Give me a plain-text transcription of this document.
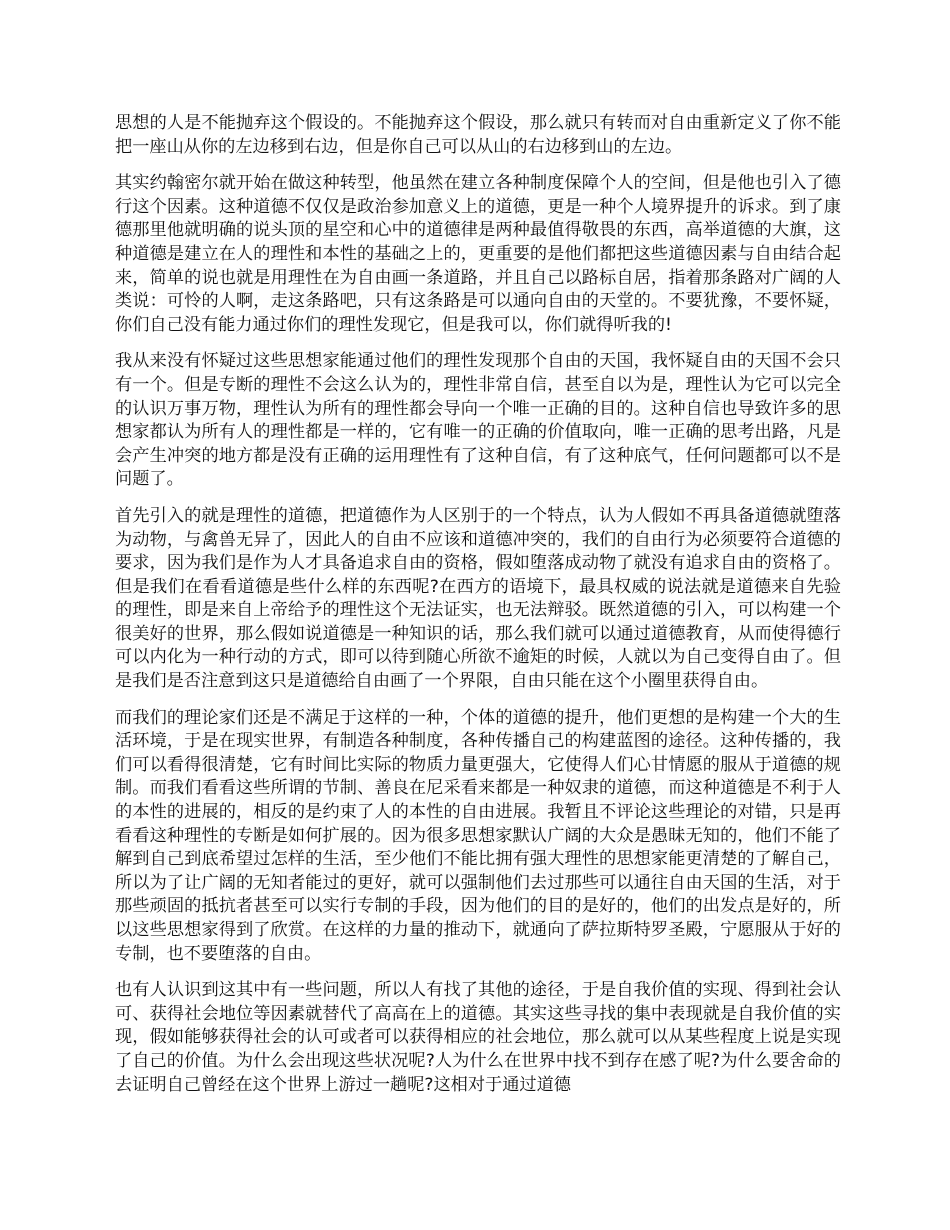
思想的人是不能抛弃这个假设的。不能抛弃这个假设，那么就只有转而对自由重新定义了你不能把一座山从你的左边移到右边，但是你自己可以从山的右边移到山的左边。

其实约翰密尔就开始在做这种转型，他虽然在建立各种制度保障个人的空间，但是他也引入了德行这个因素。这种道德不仅仅是政治参加意义上的道德，更是一种个人境界提升的诉求。到了康德那里他就明确的说头顶的星空和心中的道德律是两种最值得敬畏的东西，高举道德的大旗，这种道德是建立在人的理性和本性的基础之上的，更重要的是他们都把这些道德因素与自由结合起来，简单的说也就是用理性在为自由画一条道路，并且自己以路标自居，指着那条路对广阔的人类说：可怜的人啊，走这条路吧，只有这条路是可以通向自由的天堂的。不要犹豫，不要怀疑，你们自己没有能力通过你们的理性发现它，但是我可以，你们就得听我的!

我从来没有怀疑过这些思想家能通过他们的理性发现那个自由的天国，我怀疑自由的天国不会只有一个。但是专断的理性不会这么认为的，理性非常自信，甚至自以为是，理性认为它可以完全的认识万事万物，理性认为所有的理性都会导向一个唯一正确的目的。这种自信也导致许多的思想家都认为所有人的理性都是一样的，它有唯一的正确的价值取向，唯一正确的思考出路，凡是会产生冲突的地方都是没有正确的运用理性有了这种自信，有了这种底气，任何问题都可以不是问题了。

首先引入的就是理性的道德，把道德作为人区别于的一个特点，认为人假如不再具备道德就堕落为动物，与禽兽无异了，因此人的自由不应该和道德冲突的，我们的自由行为必须要符合道德的要求，因为我们是作为人才具备追求自由的资格，假如堕落成动物了就没有追求自由的资格了。但是我们在看看道德是些什么样的东西呢?在西方的语境下，最具权威的说法就是道德来自先验的理性，即是来自上帝给予的理性这个无法证实，也无法辩驳。既然道德的引入，可以构建一个很美好的世界，那么假如说道德是一种知识的话，那么我们就可以通过道德教育，从而使得德行可以内化为一种行动的方式，即可以待到随心所欲不逾矩的时候，人就以为自己变得自由了。但是我们是否注意到这只是道德给自由画了一个界限，自由只能在这个小圈里获得自由。

而我们的理论家们还是不满足于这样的一种，个体的道德的提升，他们更想的是构建一个大的生活环境，于是在现实世界，有制造各种制度，各种传播自己的构建蓝图的途径。这种传播的，我们可以看得很清楚，它有时间比实际的物质力量更强大，它使得人们心甘情愿的服从于道德的规制。而我们看看这些所谓的节制、善良在尼采看来都是一种奴隶的道德，而这种道德是不利于人的本性的进展的，相反的是约束了人的本性的自由进展。我暂且不评论这些理论的对错，只是再看看这种理性的专断是如何扩展的。因为很多思想家默认广阔的大众是愚昧无知的，他们不能了解到自己到底希望过怎样的生活，至少他们不能比拥有强大理性的思想家能更清楚的了解自己，所以为了让广阔的无知者能过的更好，就可以强制他们去过那些可以通往自由天国的生活，对于那些顽固的抵抗者甚至可以实行专制的手段，因为他们的目的是好的，他们的出发点是好的，所以这些思想家得到了欣赏。在这样的力量的推动下，就通向了萨拉斯特罗圣殿，宁愿服从于好的专制，也不要堕落的自由。

也有人认识到这其中有一些问题，所以人有找了其他的途径，于是自我价值的实现、得到社会认可、获得社会地位等因素就替代了高高在上的道德。其实这些寻找的集中表现就是自我价值的实现，假如能够获得社会的认可或者可以获得相应的社会地位，那么就可以从某些程度上说是实现了自己的价值。为什么会出现这些状况呢?人为什么在世界中找不到存在感了呢?为什么要舍命的去证明自己曾经在这个世界上游过一趟呢?这相对于通过道德
